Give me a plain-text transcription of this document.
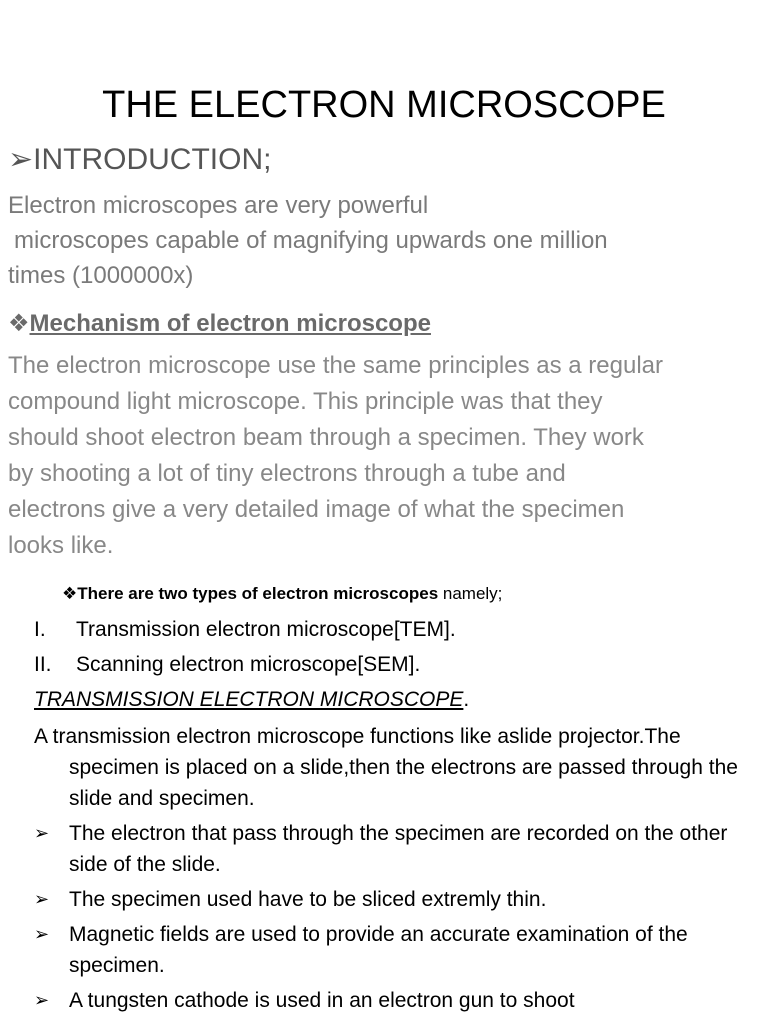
THE ELECTRON MICROSCOPE
➢INTRODUCTION;
Electron microscopes are very powerful
microscopes capable of magnifying upwards one million
times (1000000x)
❖Mechanism of electron microscope
The electron microscope use the same principles as a regular
compound light microscope. This principle was that they
should shoot electron beam through a specimen. They work
by shooting a lot of tiny electrons through a tube and
electrons give a very detailed image of what the specimen
looks like.
❖There are two types of electron microscopes namely;
I.	Transmission electron microscope[TEM].
II.	Scanning electron microscope[SEM].
TRANSMISSION ELECTRON MICROSCOPE.
A transmission electron microscope functions like aslide projector.The specimen is placed on a slide,then the electrons are passed through the slide and specimen.
➢ The electron that pass through the specimen are recorded on the other side of the slide.
➢ The specimen used have to be sliced extremly thin.
➢ Magnetic fields are used to provide an accurate examination of the specimen.
➢ A tungsten cathode is used in an electron gun to shoot
